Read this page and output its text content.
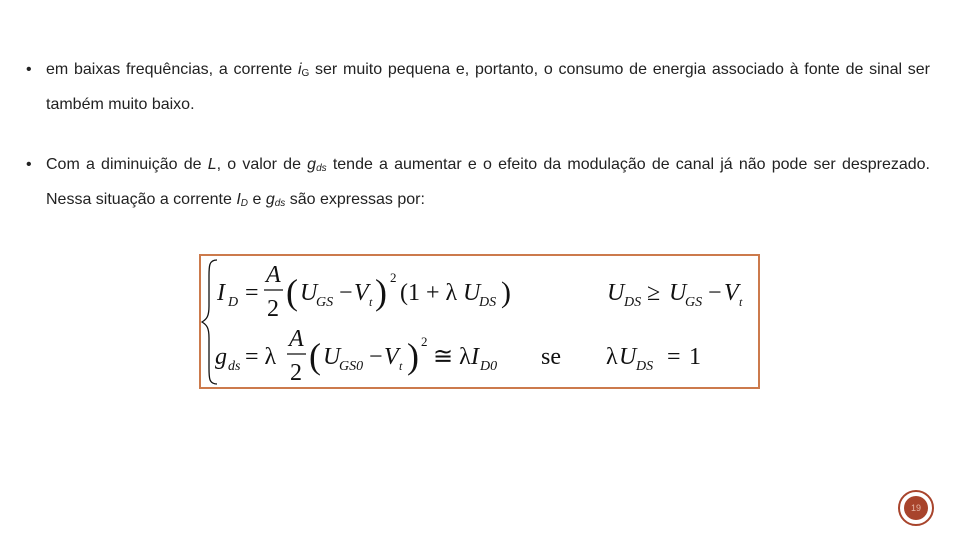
• em baixas frequências, a corrente $i_G$ ser muito pequena e, portanto, o consumo de energia associado à fonte de sinal ser também muito baixo.
• Com a diminuição de L, o valor de $g_{ds}$ tende a aumentar e o efeito da modulação de canal já não pode ser desprezado. Nessa situação a corrente $I_D$ e $g_{ds}$ são expressas por:
I D =
A
2 ( U
GS − V t ) 2
(1 + λ U
DS )	U DS ≥ U
GS − V t
g ds = λ
A
2 ( U
GS0 − V t ) 2
≅ λ I D0 se λ U DS = 1
19
